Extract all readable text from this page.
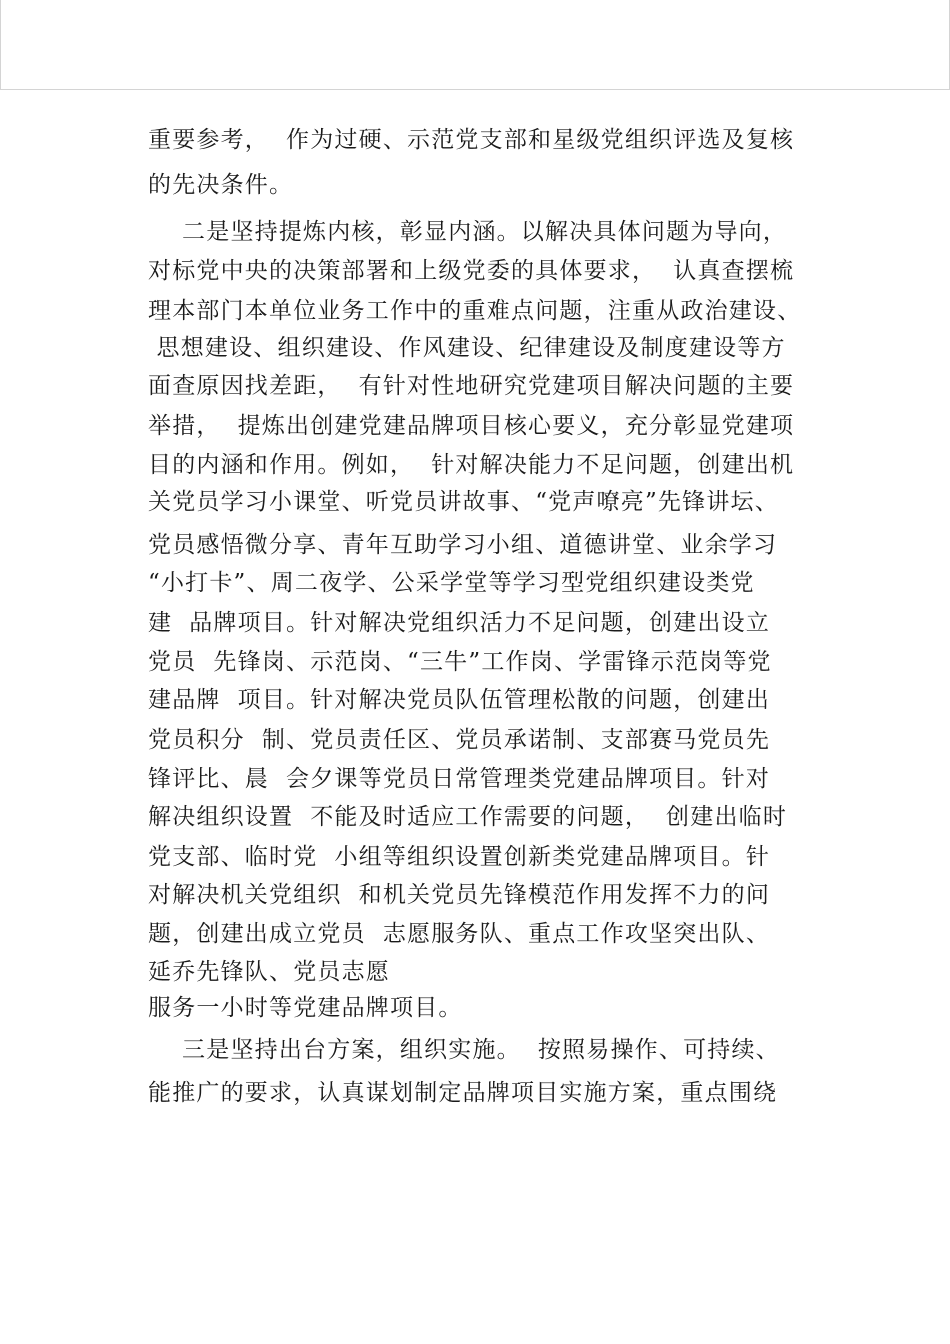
重要参考，  作为过硬、示范党支部和星级党组织评选及复核
的先决条件。
二是坚持提炼内核，彰显内涵。以解决具体问题为导向，
对标党中央的决策部署和上级党委的具体要求，  认真查摆梳
理本部门本单位业务工作中的重难点问题，注重从政治建设、
思想建设、组织建设、作风建设、纪律建设及制度建设等方
面查原因找差距，  有针对性地研究党建项目解决问题的主要
举措，  提炼出创建党建品牌项目核心要义，充分彰显党建项
目的内涵和作用。例如，  针对解决能力不足问题，创建出机
关党员学习小课堂、听党员讲故事、“党声嘹亮”先锋讲坛、
党员感悟微分享、青年互助学习小组、道德讲堂、业余学习
“小打卡”、周二夜学、公采学堂等学习型党组织建设类党
建  品牌项目。针对解决党组织活力不足问题，创建出设立
党员  先锋岗、示范岗、“三牛”工作岗、学雷锋示范岗等党
建品牌  项目。针对解决党员队伍管理松散的问题，创建出
党员积分  制、党员责任区、党员承诺制、支部赛马党员先
锋评比、晨  会夕课等党员日常管理类党建品牌项目。针对
解决组织设置  不能及时适应工作需要的问题，  创建出临时
党支部、临时党  小组等组织设置创新类党建品牌项目。针
对解决机关党组织  和机关党员先锋模范作用发挥不力的问
题，创建出成立党员  志愿服务队、重点工作攻坚突出队、
延乔先锋队、党员志愿
服务一小时等党建品牌项目。
三是坚持出台方案，组织实施。  按照易操作、可持续、
能推广的要求，认真谋划制定品牌项目实施方案，重点围绕
